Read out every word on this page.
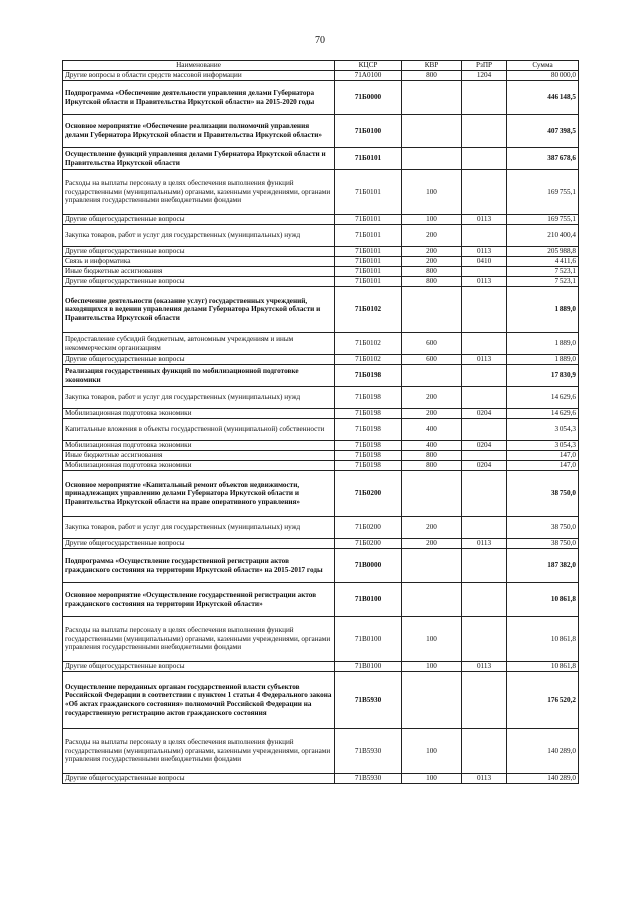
70
Наименование	КЦСР	КВР	РзПР	Сумма
Другие вопросы в области средств массовой информации	71А0100	800	1204	80 000,0
Подпрограмма «Обеспечение деятельности управления делами Губернатора Иркутской области и Правительства Иркутской области» на 2015-2020 годы	71Б0000			446 148,5
Основное мероприятие «Обеспечение реализации полномочий управления делами Губернатора Иркутской области и Правительства Иркутской области»	71Б0100			407 398,5
Осуществление функций управления делами Губернатора Иркутской области и Правительства Иркутской области	71Б0101			387 678,6
Расходы на выплаты персоналу в целях обеспечения выполнения функций государственными (муниципальными) органами, казенными учреждениями, органами управления государственными внебюджетными фондами	71Б0101	100		169 755,1
Другие общегосударственные вопросы	71Б0101	100	0113	169 755,1
Закупка товаров, работ и услуг для государственных (муниципальных) нужд	71Б0101	200		210 400,4
Другие общегосударственные вопросы	71Б0101	200	0113	205 988,8
Связь и информатика	71Б0101	200	0410	4 411,6
Иные бюджетные ассигнования	71Б0101	800		7 523,1
Другие общегосударственные вопросы	71Б0101	800	0113	7 523,1
Обеспечение деятельности (оказание услуг) государственных учреждений, находящихся в ведении управления делами Губернатора Иркутской области и Правительства Иркутской области	71Б0102			1 889,0
Предоставление субсидий бюджетным, автономным учреждениям и иным некоммерческим организациям	71Б0102	600		1 889,0
Другие общегосударственные вопросы	71Б0102	600	0113	1 889,0
Реализация государственных функций по мобилизационной подготовке экономики	71Б0198			17 830,9
Закупка товаров, работ и услуг для государственных (муниципальных) нужд	71Б0198	200		14 629,6
Мобилизационная подготовка экономики	71Б0198	200	0204	14 629,6
Капитальные вложения в объекты государственной (муниципальной) собственности	71Б0198	400		3 054,3
Мобилизационная подготовка экономики	71Б0198	400	0204	3 054,3
Иные бюджетные ассигнования	71Б0198	800		147,0
Мобилизационная подготовка экономики	71Б0198	800	0204	147,0
Основное мероприятие «Капитальный ремонт объектов недвижимости, принадлежащих управлению делами Губернатора Иркутской области и Правительства Иркутской области на праве оперативного управления»	71Б0200			38 750,0
Закупка товаров, работ и услуг для государственных (муниципальных) нужд	71Б0200	200		38 750,0
Другие общегосударственные вопросы	71Б0200	200	0113	38 750,0
Подпрограмма «Осуществление государственной регистрации актов гражданского состояния на территории Иркутской области» на 2015-2017 годы	71В0000			187 382,0
Основное мероприятие «Осуществление государственной регистрации актов гражданского состояния на территории Иркутской области»	71В0100			10 861,8
Расходы на выплаты персоналу в целях обеспечения выполнения функций государственными (муниципальными) органами, казенными учреждениями, органами управления государственными внебюджетными фондами	71В0100	100		10 861,8
Другие общегосударственные вопросы	71В0100	100	0113	10 861,8
Осуществление переданных органам государственной власти субъектов Российской Федерации в соответствии с пунктом 1 статьи 4 Федерального закона «Об актах гражданского состояния» полномочий Российской Федерации на государственную регистрацию актов гражданского состояния	71В5930			176 520,2
Расходы на выплаты персоналу в целях обеспечения выполнения функций государственными (муниципальными) органами, казенными учреждениями, органами управления государственными внебюджетными фондами	71В5930	100		140 289,0
Другие общегосударственные вопросы	71В5930	100	0113	140 289,0
